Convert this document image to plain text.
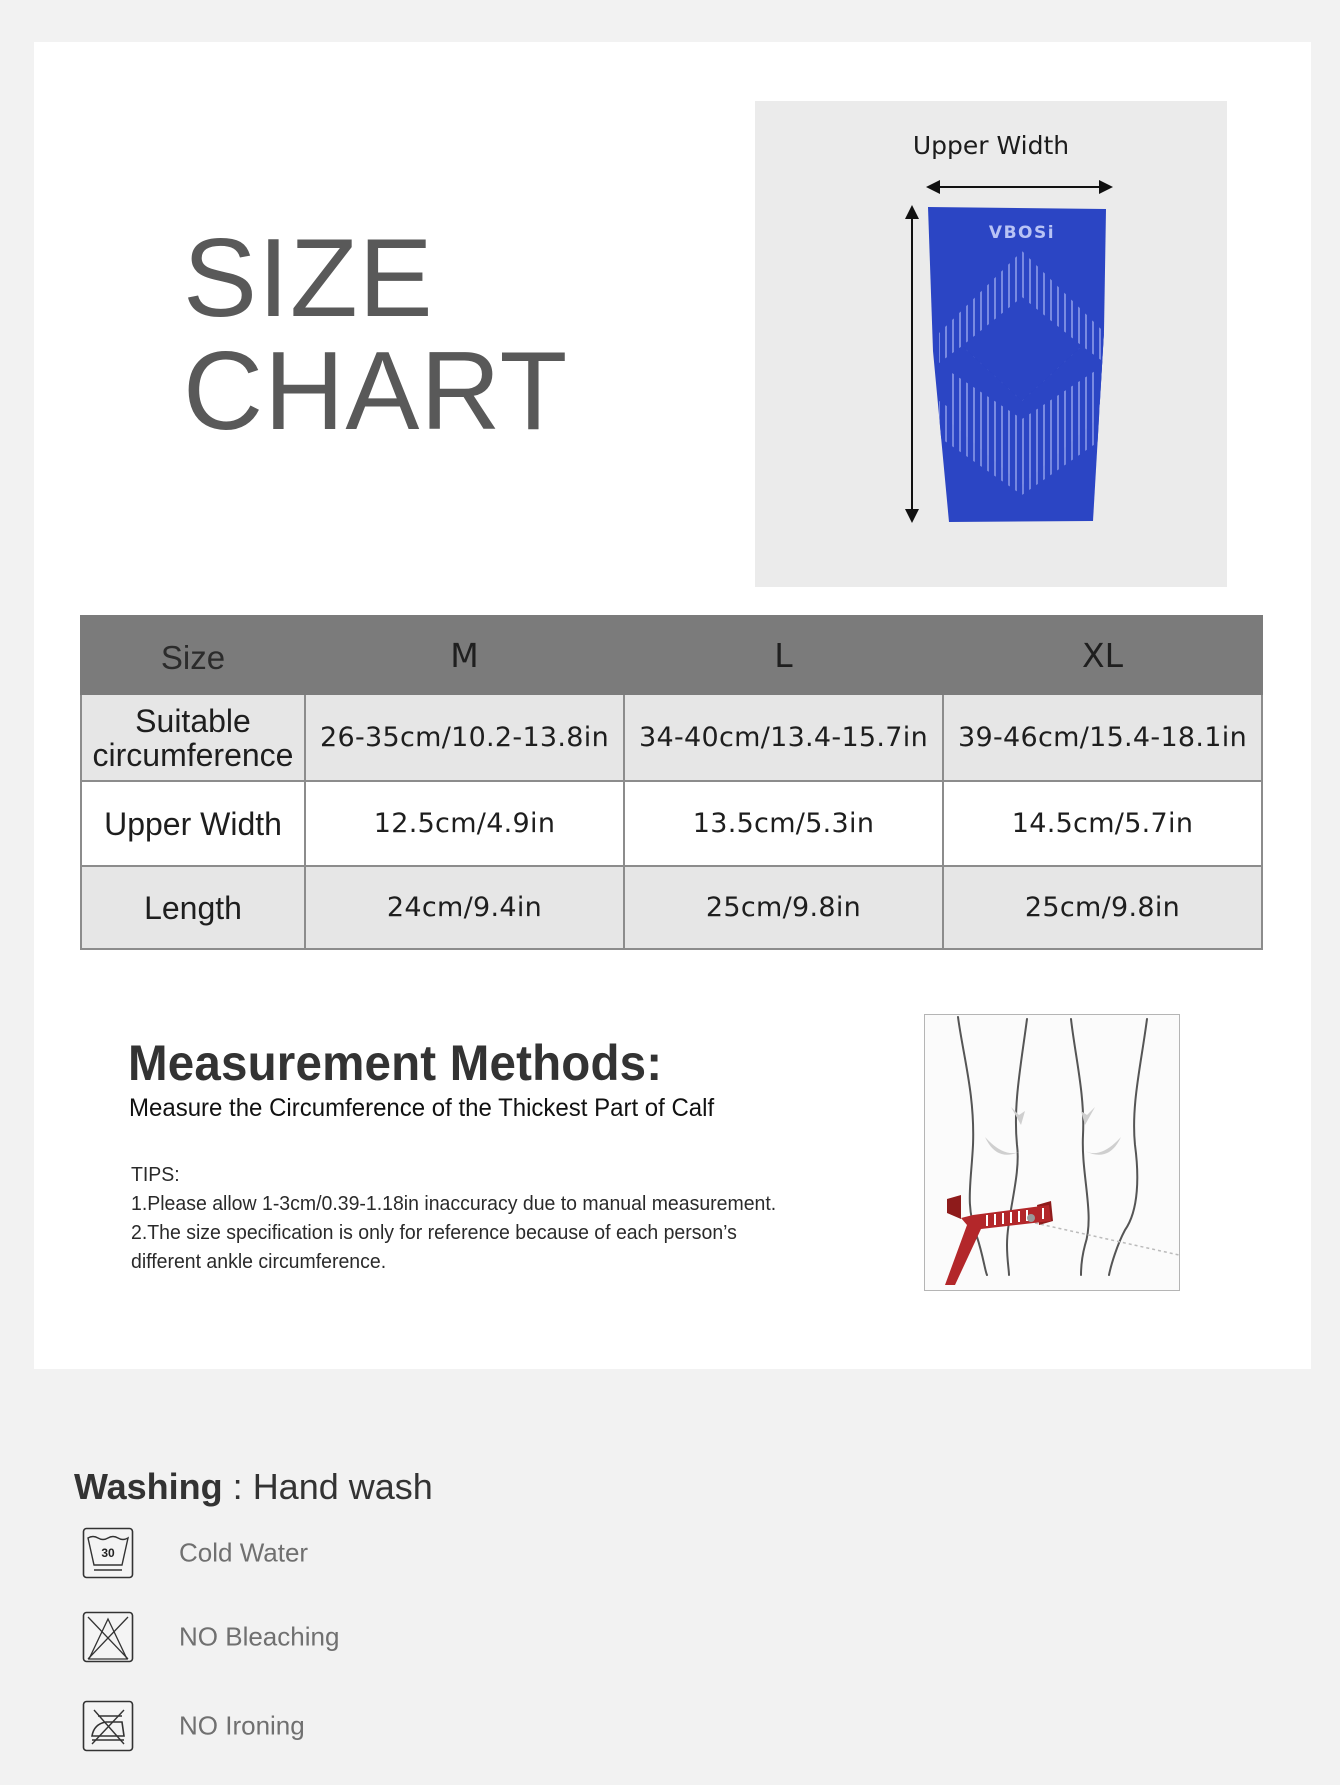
SIZE
CHART
VBOSi
Upper Width
Size	M	L	XL

Suitable
circumference	26-35cm/10.2-13.8in	34-40cm/13.4-15.7in	39-46cm/15.4-18.1in
Upper Width	12.5cm/4.9in	13.5cm/5.3in	14.5cm/5.7in
Length	24cm/9.4in	25cm/9.8in	25cm/9.8in
Measurement Methods:
Measure the Circumference of the Thickest Part of Calf
TIPS:
1.Please allow 1-3cm/0.39-1.18in inaccuracy due to manual measurement.
2.The size specification is only for reference because of each person’s
different ankle circumference.
Washing : Hand wash
30 Cold Water
NO Bleaching
NO Ironing
